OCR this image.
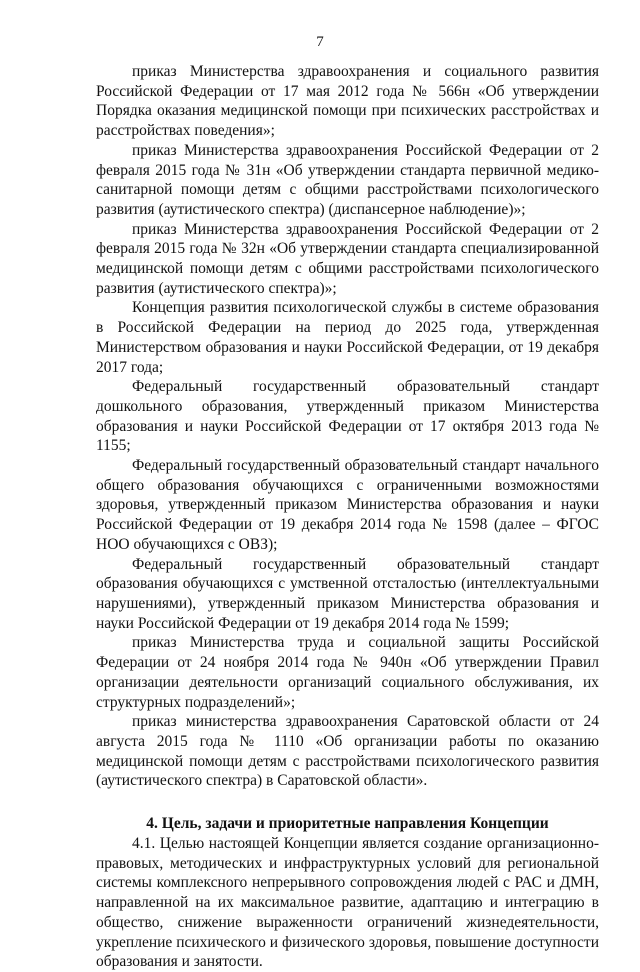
7

приказ Министерства здравоохранения и социального развития Российской Федерации от 17 мая 2012 года № 566н «Об утверждении Порядка оказания медицинской помощи при психических расстройствах и расстройствах поведения»;

приказ Министерства здравоохранения Российской Федерации от 2 февраля 2015 года № 31н «Об утверждении стандарта первичной медико-санитарной помощи детям с общими расстройствами психологического развития (аутистического спектра) (диспансерное наблюдение)»;

приказ Министерства здравоохранения Российской Федерации от 2 февраля 2015 года № 32н «Об утверждении стандарта специализированной медицинской помощи детям с общими расстройствами психологического развития (аутистического спектра)»;

Концепция развития психологической службы в системе образования в Российской Федерации на период до 2025 года, утвержденная Министерством образования и науки Российской Федерации, от 19 декабря 2017 года;

Федеральный государственный образовательный стандарт дошкольного образования, утвержденный приказом Министерства образования и науки Российской Федерации от 17 октября 2013 года № 1155;

Федеральный государственный образовательный стандарт начального общего образования обучающихся с ограниченными возможностями здоровья, утвержденный приказом Министерства образования и науки Российской Федерации от 19 декабря 2014 года № 1598 (далее – ФГОС НОО обучающихся с ОВЗ);

Федеральный государственный образовательный стандарт образования обучающихся с умственной отсталостью (интеллектуальными нарушениями), утвержденный приказом Министерства образования и науки Российской Федерации от 19 декабря 2014 года № 1599;

приказ Министерства труда и социальной защиты Российской Федерации от 24 ноября 2014 года № 940н «Об утверждении Правил организации деятельности организаций социального обслуживания, их структурных подразделений»;

приказ министерства здравоохранения Саратовской области от 24 августа 2015 года № 1110 «Об организации работы по оказанию медицинской помощи детям с расстройствами психологического развития (аутистического спектра) в Саратовской области».

4. Цель, задачи и приоритетные направления Концепции

4.1. Целью настоящей Концепции является создание организационно-правовых, методических и инфраструктурных условий для региональной системы комплексного непрерывного сопровождения людей с РАС и ДМН, направленной на их максимальное развитие, адаптацию и интеграцию в общество, снижение выраженности ограничений жизнедеятельности, укрепление психического и физического здоровья, повышение доступности образования и занятости.
